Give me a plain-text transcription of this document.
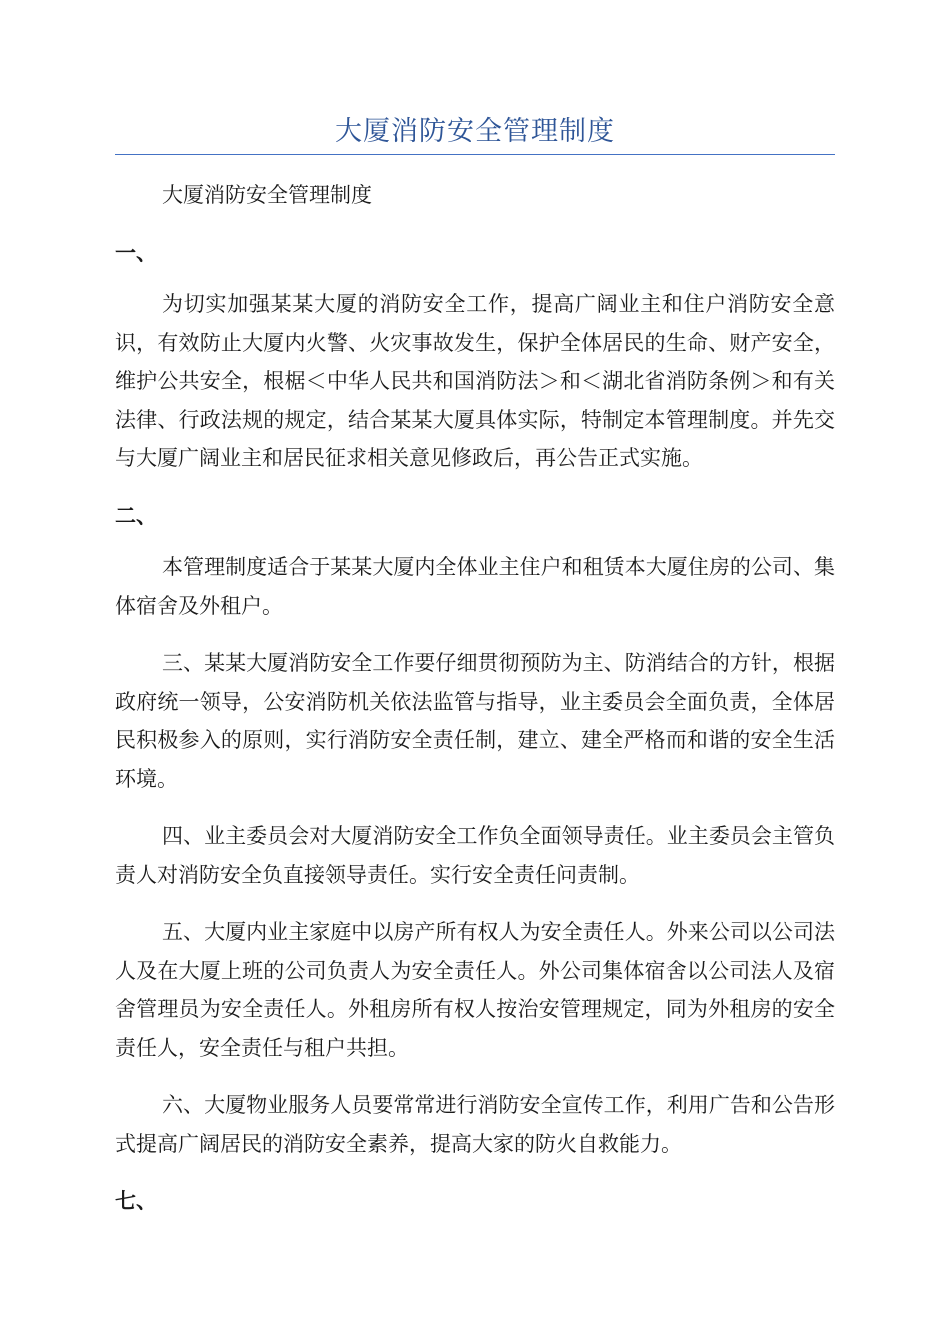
大厦消防安全管理制度

大厦消防安全管理制度

一、

为切实加强某某大厦的消防安全工作，提高广阔业主和住户消防安全意识，有效防止大厦内火警、火灾事故发生，保护全体居民的生命、财产安全，维护公共安全，根椐＜中华人民共和国消防法＞和＜湖北省消防条例＞和有关法律、行政法规的规定，结合某某大厦具体实际，特制定本管理制度。并先交与大厦广阔业主和居民征求相关意见修政后，再公告正式实施。

二、

本管理制度适合于某某大厦内全体业主住户和租赁本大厦住房的公司、集体宿舍及外租户。

三、某某大厦消防安全工作要仔细贯彻预防为主、防消结合的方针，根据政府统一领导，公安消防机关依法监管与指导，业主委员会全面负责，全体居民积极参入的原则，实行消防安全责任制，建立、建全严格而和谐的安全生活环境。

四、业主委员会对大厦消防安全工作负全面领导责任。业主委员会主管负责人对消防安全负直接领导责任。实行安全责任问责制。

五、大厦内业主家庭中以房产所有权人为安全责任人。外来公司以公司法人及在大厦上班的公司负责人为安全责任人。外公司集体宿舍以公司法人及宿舍管理员为安全责任人。外租房所有权人按治安管理规定，同为外租房的安全责任人，安全责任与租户共担。

六、大厦物业服务人员要常常进行消防安全宣传工作，利用广告和公告形式提高广阔居民的消防安全素养，提高大家的防火自救能力。

七、
